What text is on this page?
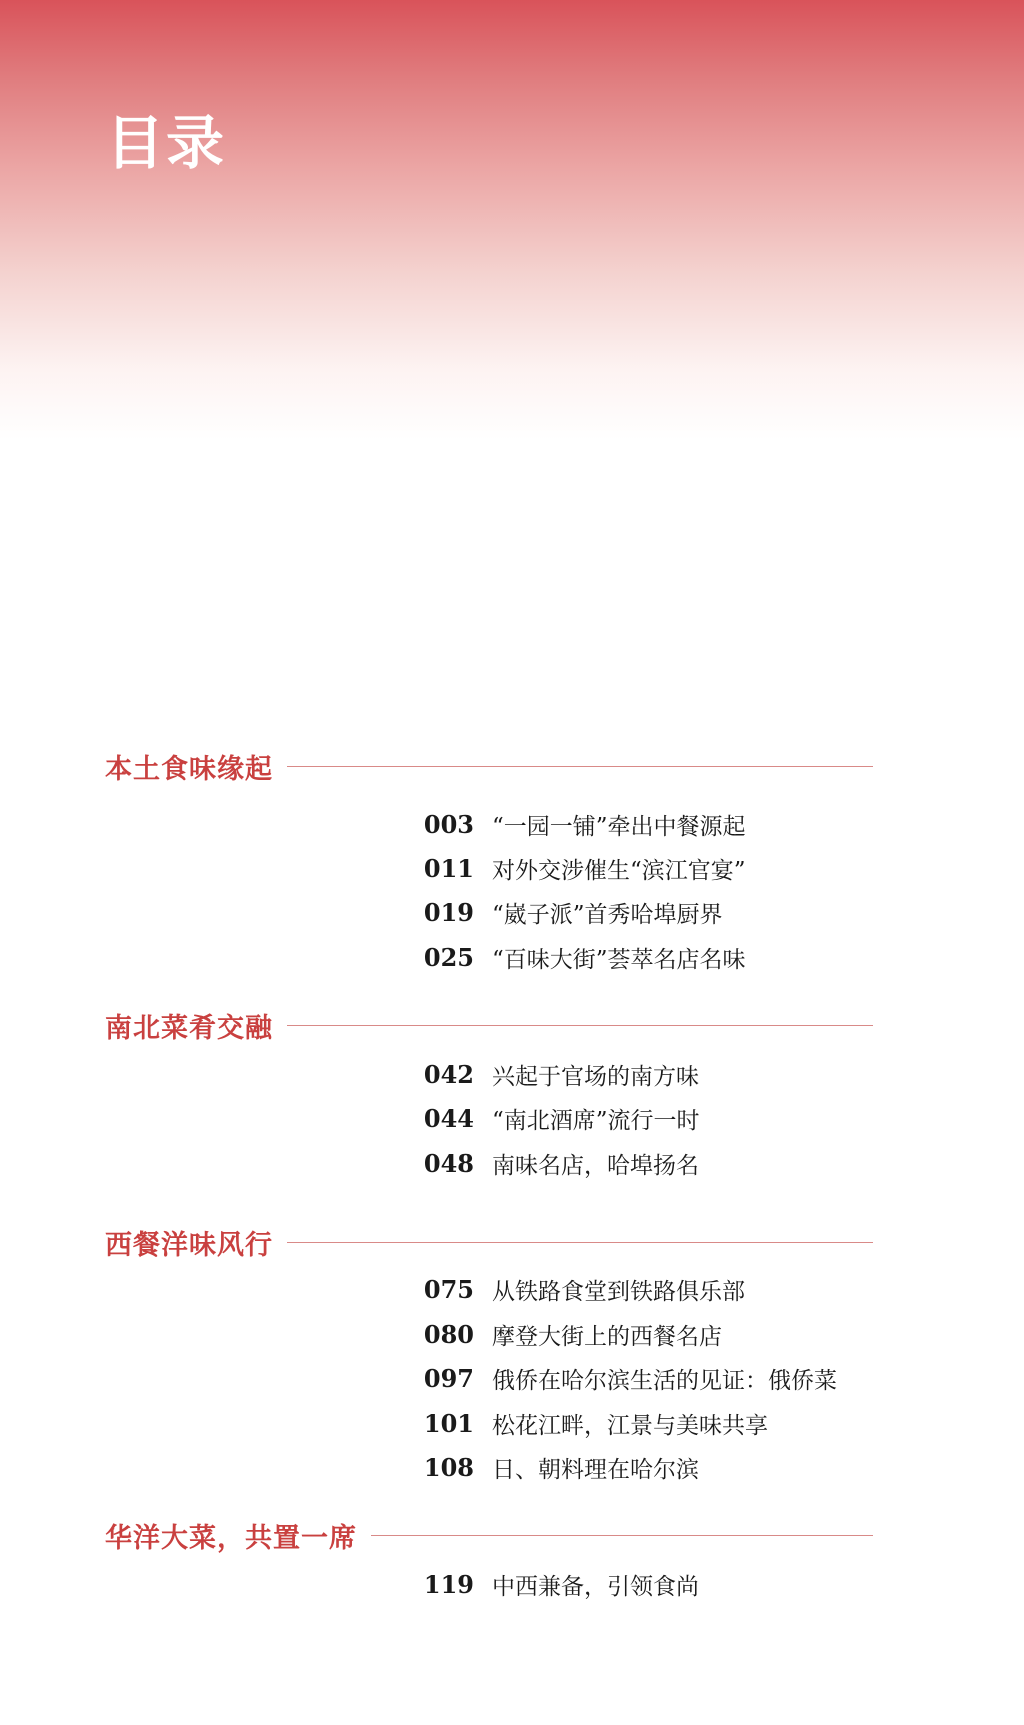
目录
本土食味缘起
003 “一园一铺”牵出中餐源起
011 对外交涉催生“滨江官宴”
019 “崴子派”首秀哈埠厨界
025 “百味大街”荟萃名店名味
南北菜肴交融
042 兴起于官场的南方味
044 “南北酒席”流行一时
048 南味名店，哈埠扬名
西餐洋味风行
075 从铁路食堂到铁路俱乐部
080 摩登大街上的西餐名店
097 俄侨在哈尔滨生活的见证：俄侨菜
101 松花江畔，江景与美味共享
108 日、朝料理在哈尔滨
华洋大菜，共置一席
119 中西兼备，引领食尚
